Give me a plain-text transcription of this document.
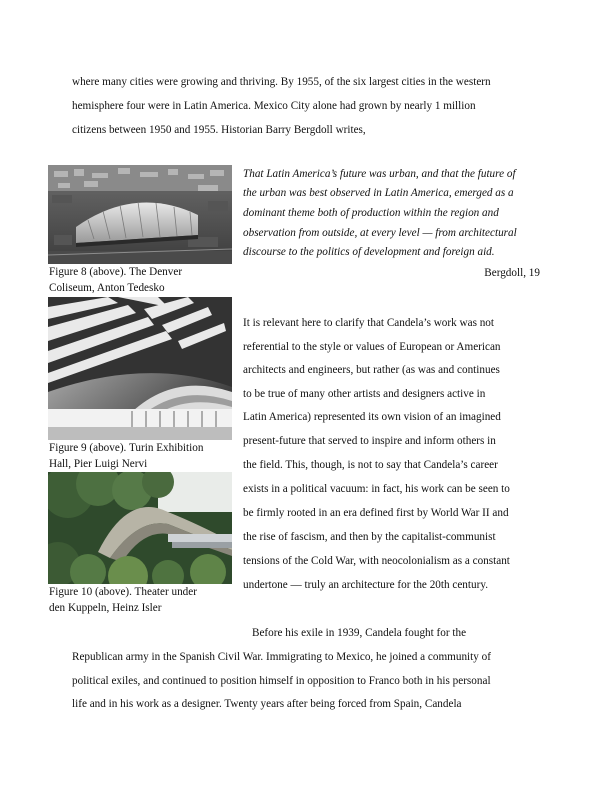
where many cities were growing and thriving. By 1955, of the six largest cities in the western
hemisphere four were in Latin America. Mexico City alone had grown by nearly 1 million
citizens between 1950 and 1955. Historian Barry Bergdoll writes,
That Latin America’s future was urban, and that the future of
the urban was best observed in Latin America, emerged as a
dominant theme both of production within the region and
observation from outside, at every level — from architectural
discourse to the politics of development and foreign aid.
Bergdoll, 19
Figure 8 (above). The Denver
Coliseum, Anton Tedesko
Figure 9 (above). Turin Exhibition
Hall, Pier Luigi Nervi
Figure 10 (above). Theater under
den Kuppeln, Heinz Isler
It is relevant here to clarify that Candela’s work was not
referential to the style or values of European or American
architects and engineers, but rather (as was and continues
to be true of many other artists and designers active in
Latin America) represented its own vision of an imagined
present-future that served to inspire and inform others in
the field. This, though, is not to say that Candela’s career
exists in a political vacuum: in fact, his work can be seen to
be firmly rooted in an era defined first by World War II and
the rise of fascism, and then by the capitalist-communist
tensions of the Cold War, with neocolonialism as a constant
undertone — truly an architecture for the 20th century.
Before his exile in 1939, Candela fought for the
Republican army in the Spanish Civil War. Immigrating to Mexico, he joined a community of
political exiles, and continued to position himself in opposition to Franco both in his personal
life and in his work as a designer. Twenty years after being forced from Spain, Candela
